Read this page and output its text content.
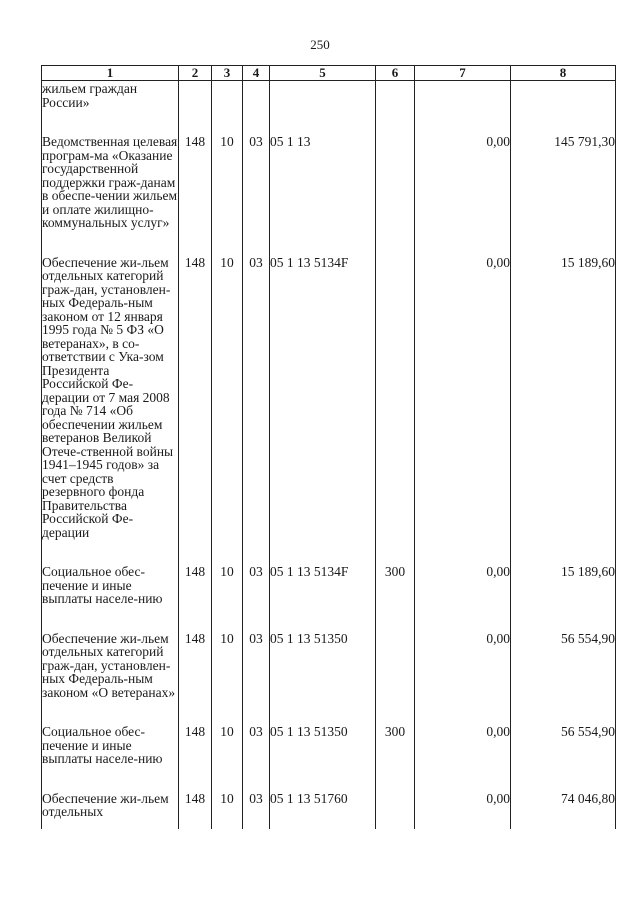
250
1	2	3	4	5	6	7	8
жильем граждан России»							
Ведомственная целевая програм-ма «Оказание государственной поддержки граж-данам в обеспе-чении жильем и оплате жилищно-коммунальных услуг»	148	10	03	05 1 13		0,00	145 791,30
Обеспечение жи-льем отдельных категорий граж-дан, установлен-ных Федераль-ным законом от 12 января 1995 года № 5 ФЗ «О ветеранах», в со-ответствии с Ука-зом Президента Российской Фе-дерации от 7 мая 2008 года № 714 «Об обеспечении жильем ветеранов Великой Отече-ственной войны 1941–1945 годов» за счет средств резервного фонда Правительства Российской Фе-дерации	148	10	03	05 1 13 5134F		0,00	15 189,60
Социальное обес-печение и иные выплаты населе-нию	148	10	03	05 1 13 5134F	300	0,00	15 189,60
Обеспечение жи-льем отдельных категорий граж-дан, установлен-ных Федераль-ным законом «О ветеранах»	148	10	03	05 1 13 51350		0,00	56 554,90
Социальное обес-печение и иные выплаты населе-нию	148	10	03	05 1 13 51350	300	0,00	56 554,90
Обеспечение жи-льем отдельных	148	10	03	05 1 13 51760		0,00	74 046,80
